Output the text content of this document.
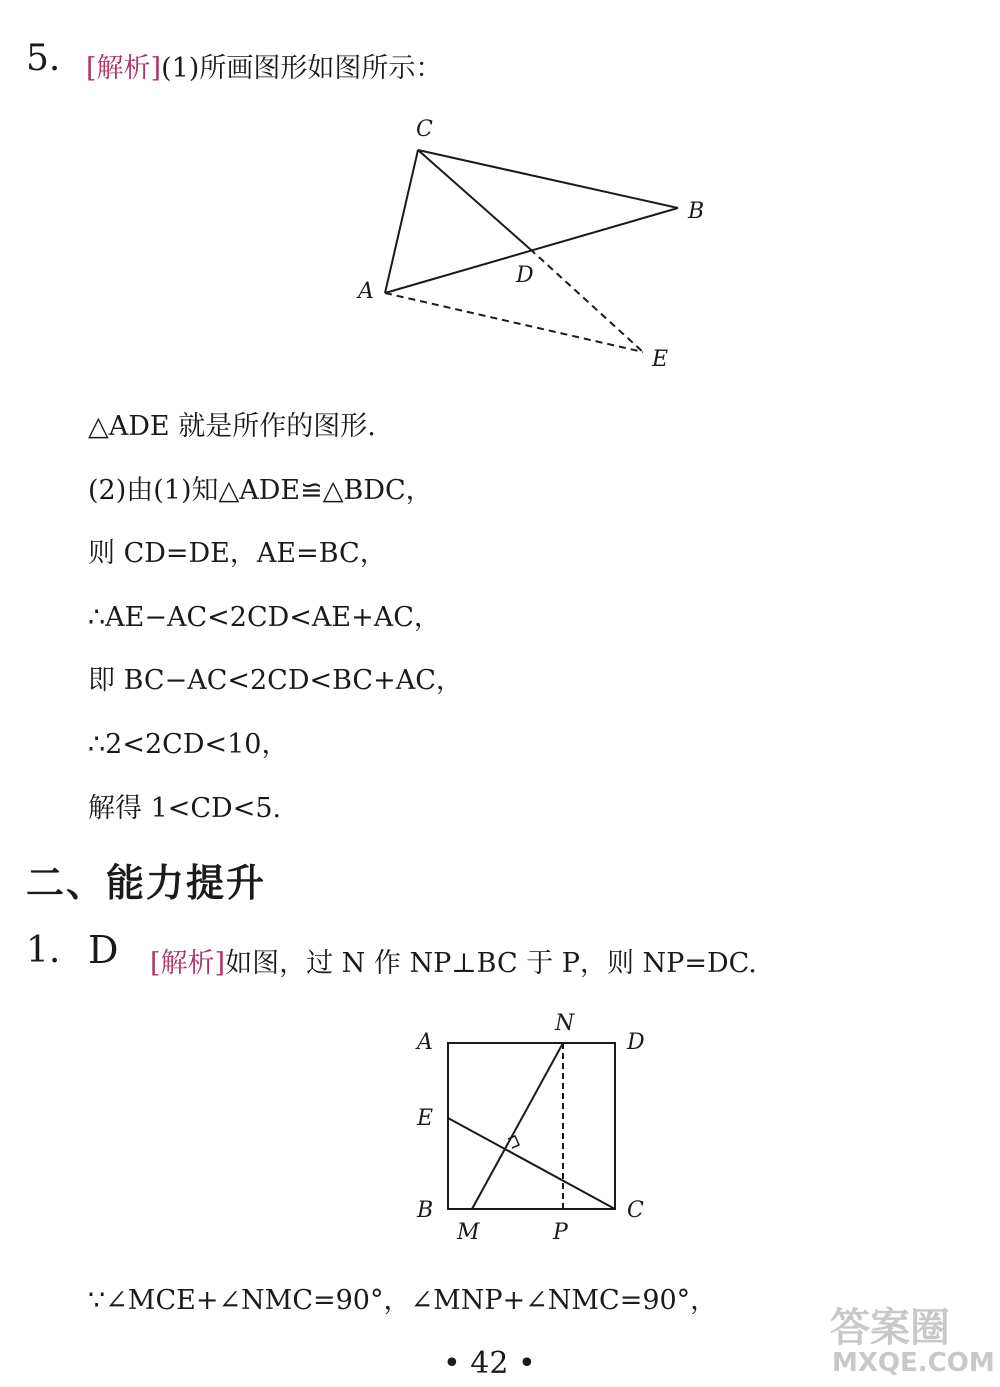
5. [解析](1)所画图形如图所示：
C
B
A
D
E
△ADE 就是所作的图形.
(2)由(1)知△ADE≌△BDC，
则 CD=DE，AE=BC，
∴AE−AC<2CD<AE+AC，
即 BC−AC<2CD<BC+AC，
∴2<2CD<10，
解得 1<CD<5.
二、能力提升
1. D [解析]如图，过 N 作 NP⊥BC 于 P，则 NP=DC.
A
N
D
E
B	C
M	P
∵∠MCE+∠NMC=90°，∠MNP+∠NMC=90°，
• 42 •
答案圈
MXQE.COM
